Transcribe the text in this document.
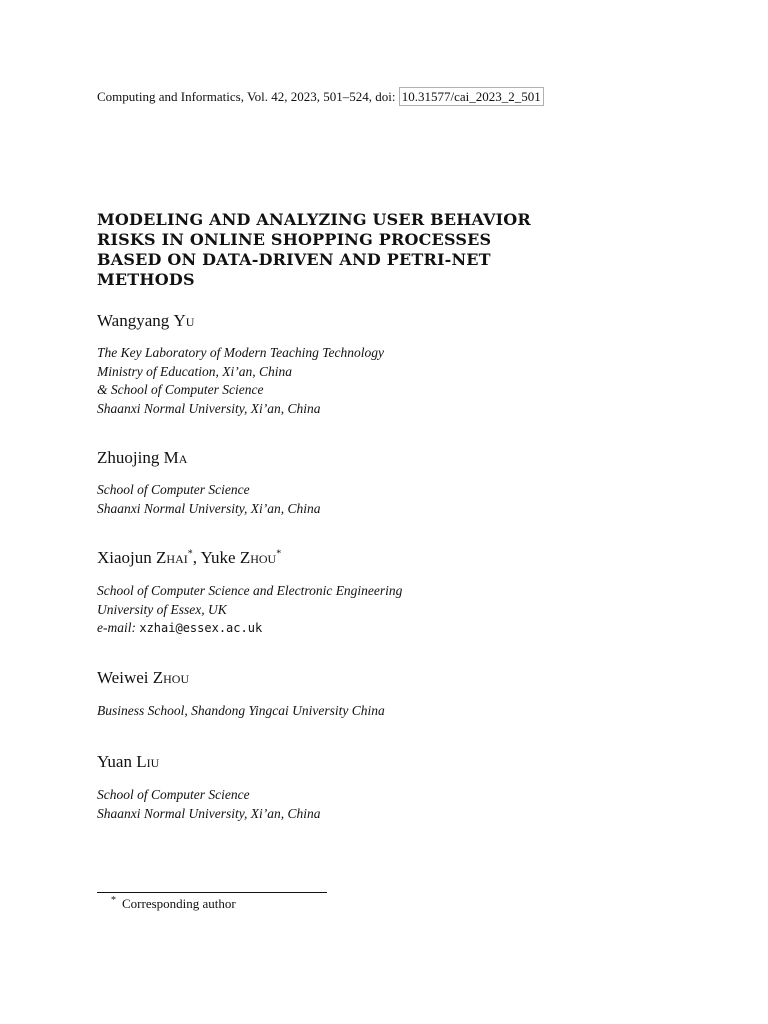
Computing and Informatics, Vol. 42, 2023, 501–524, doi: 10.31577/cai_2023_2_501
MODELING AND ANALYZING USER BEHAVIOR
RISKS IN ONLINE SHOPPING PROCESSES
BASED ON DATA-DRIVEN AND PETRI-NET
METHODS
Wangyang Yu
The Key Laboratory of Modern Teaching Technology
Ministry of Education, Xi’an, China
& School of Computer Science
Shaanxi Normal University, Xi’an, China
Zhuojing Ma
School of Computer Science
Shaanxi Normal University, Xi’an, China
Xiaojun Zhai*, Yuke Zhou*
School of Computer Science and Electronic Engineering
University of Essex, UK
e-mail: xzhai@essex.ac.uk
Weiwei Zhou
Business School, Shandong Yingcai University China
Yuan Liu
School of Computer Science
Shaanxi Normal University, Xi’an, China
* Corresponding author
